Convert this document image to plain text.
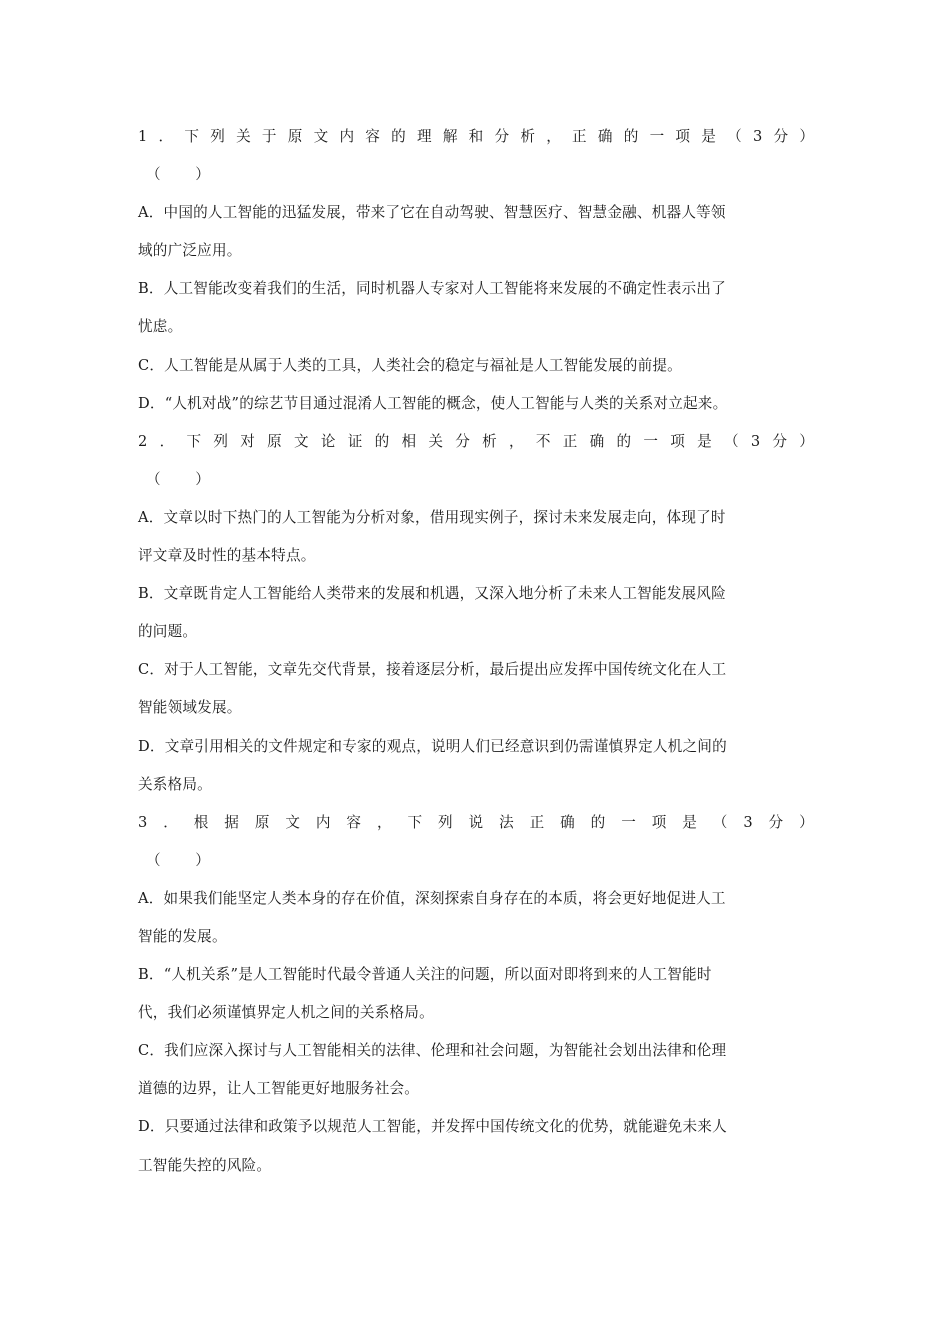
1 ． 下 列 关 于 原 文 内 容 的 理 解 和 分 析 ， 正 确 的 一 项 是 （ 3 分 ）
（　）
A．中国的人工智能的迅猛发展，带来了它在自动驾驶、智慧医疗、智慧金融、机器人等领
域的广泛应用。
B．人工智能改变着我们的生活，同时机器人专家对人工智能将来发展的不确定性表示出了
忧虑。
C．人工智能是从属于人类的工具，人类社会的稳定与福祉是人工智能发展的前提。
D．“人机对战”的综艺节目通过混淆人工智能的概念，使人工智能与人类的关系对立起来。
2 ． 下 列 对 原 文 论 证 的 相 关 分 析 ， 不 正 确 的 一 项 是 （ 3 分 ）
（　）
A．文章以时下热门的人工智能为分析对象，借用现实例子，探讨未来发展走向，体现了时
评文章及时性的基本特点。
B．文章既肯定人工智能给人类带来的发展和机遇，又深入地分析了未来人工智能发展风险
的问题。
C．对于人工智能，文章先交代背景，接着逐层分析，最后提出应发挥中国传统文化在人工
智能领域发展。
D．文章引用相关的文件规定和专家的观点，说明人们已经意识到仍需谨慎界定人机之间的
关系格局。
3 ． 根 据 原 文 内 容 ， 下 列 说 法 正 确 的 一 项 是 （ 3 分 ）
（　）
A．如果我们能坚定人类本身的存在价值，深刻探索自身存在的本质，将会更好地促进人工
智能的发展。
B．“人机关系”是人工智能时代最令普通人关注的问题，所以面对即将到来的人工智能时
代，我们必须谨慎界定人机之间的关系格局。
C．我们应深入探讨与人工智能相关的法律、伦理和社会问题，为智能社会划出法律和伦理
道德的边界，让人工智能更好地服务社会。
D．只要通过法律和政策予以规范人工智能，并发挥中国传统文化的优势，就能避免未来人
工智能失控的风险。
